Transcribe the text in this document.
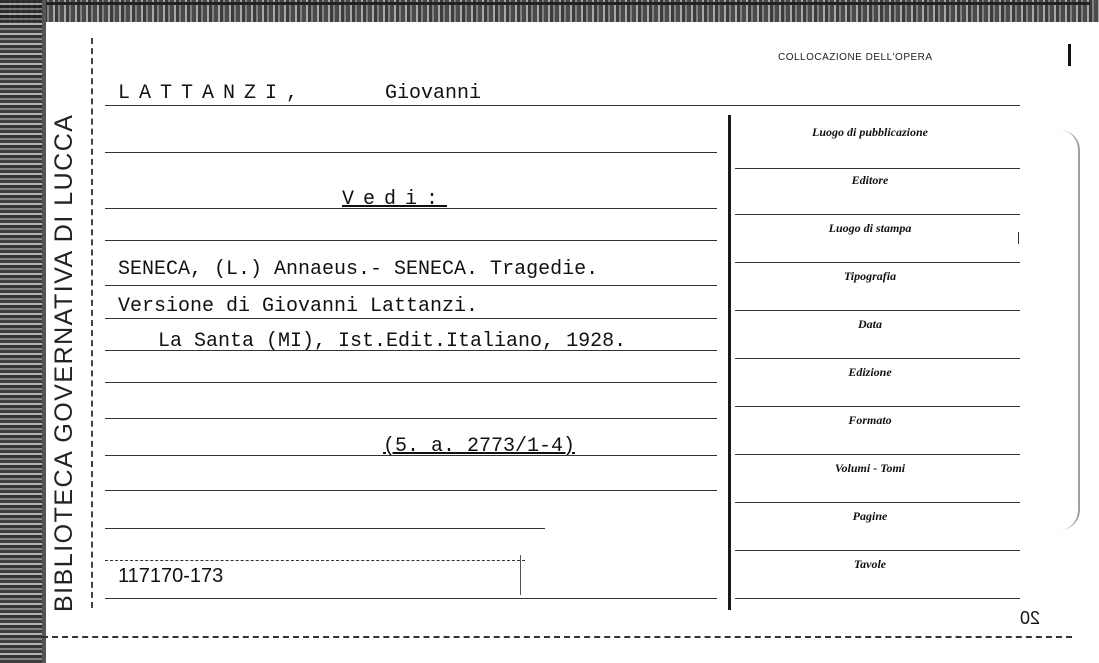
BIBLIOTECA GOVERNATIVA DI LUCCA
LATTANZI,	Giovanni
Vedi:
SENECA, (L.) Annaeus.- SENECA. Tragedie.
Versione di Giovanni Lattanzi.
La Santa (MI), Ist.Edit.Italiano, 1928.
(5. a. 2773/1-4)
117170-173
COLLOCAZIONE DELL'OPERA
Luogo di pubblicazione
Editore
Luogo di stampa
Tipografia
Data
Edizione
Formato
Volumi - Tomi
Pagine
Tavole
20
